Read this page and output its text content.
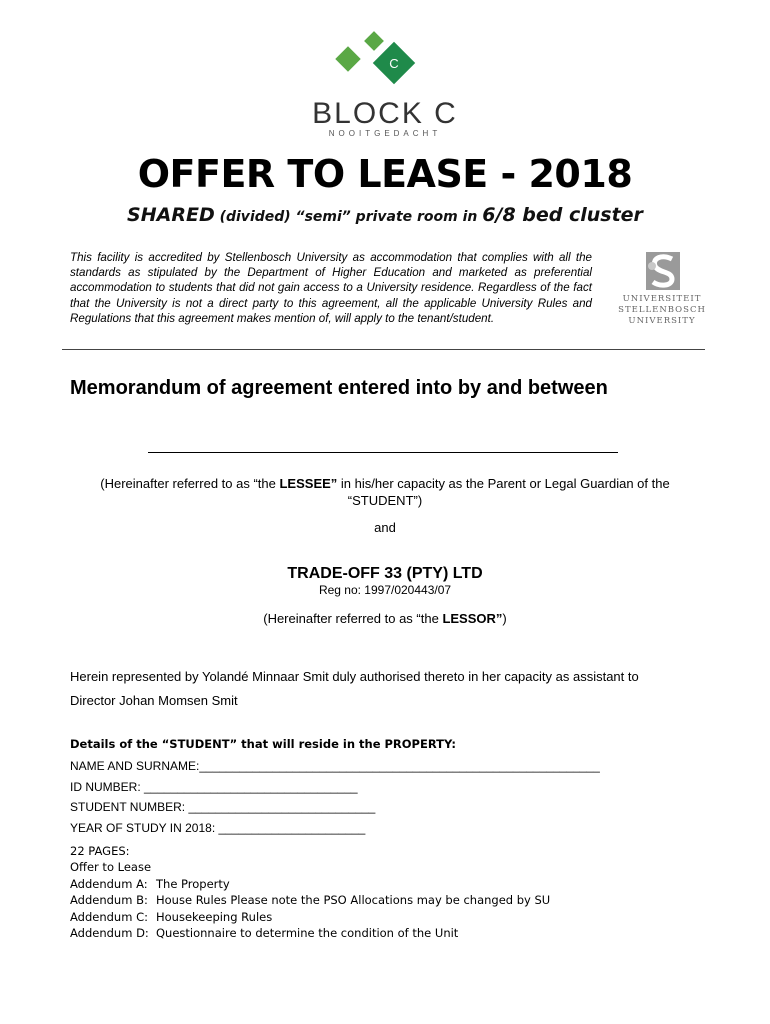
C
BLOCK C
NOOITGEDACHT
OFFER TO LEASE - 2018
SHARED (divided) “semi” private room in 6/8 bed cluster
This facility is accredited by Stellenbosch University as accommodation that complies with all the standards as stipulated by the Department of Higher Education and marketed as preferential accommodation to students that did not gain access to a University residence. Regardless of the fact that the University is not a direct party to this agreement, all the applicable University Rules and Regulations that this agreement makes mention of, will apply to the tenant/student.
UNIVERSITEIT
STELLENBOSCH
UNIVERSITY
Memorandum of agreement entered into by and between
(Hereinafter referred to as “the LESSEE” in his/her capacity as the Parent or Legal Guardian of the
“STUDENT”)
and
TRADE-OFF 33 (PTY) LTD
Reg no: 1997/020443/07
(Hereinafter referred to as “the LESSOR”)
Herein represented by Yolandé Minnaar Smit duly authorised thereto in her capacity as assistant to
Director Johan Momsen Smit
Details of the “STUDENT” that will reside in the PROPERTY:
NAME AND SURNAME:____________________________________________________________
ID NUMBER: ________________________________
STUDENT NUMBER: ____________________________
YEAR OF STUDY IN 2018: ______________________
22 PAGES:
Offer to Lease
Addendum A: The Property
Addendum B: House Rules Please note the PSO Allocations may be changed by SU
Addendum C: Housekeeping Rules
Addendum D: Questionnaire to determine the condition of the Unit
